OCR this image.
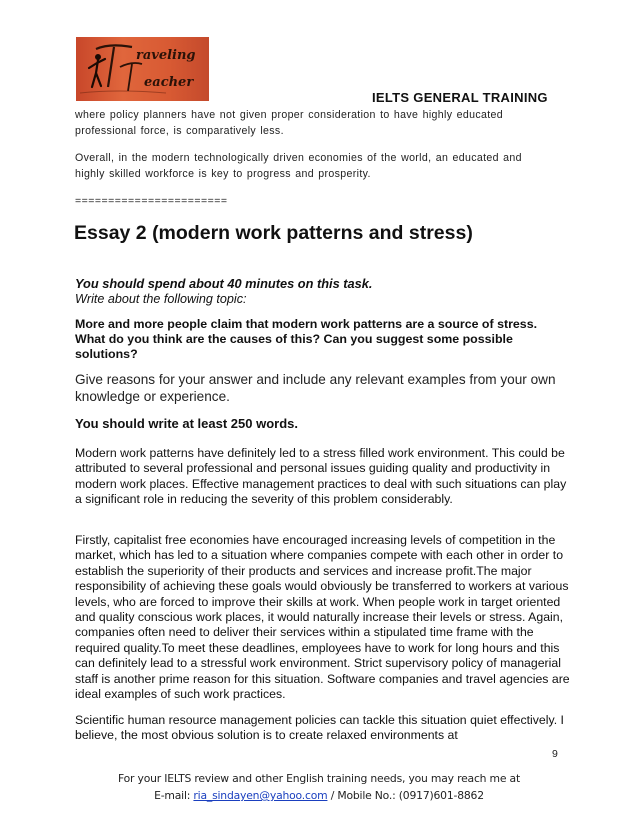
raveling
eacher
IELTS GENERAL TRAINING

where policy planners have not given proper consideration to have highly educated professional force, is comparatively less.

Overall, in the modern technologically driven economies of the world, an educated and highly skilled workforce is key to progress and prosperity.

=======================
Essay 2 (modern work patterns and stress)
You should spend about 40 minutes on this task.
Write about the following topic:

More and more people claim that modern work patterns are a source of stress. What do you think are the causes of this? Can you suggest some possible solutions?

Give reasons for your answer and include any relevant examples from your own knowledge or experience.

You should write at least 250 words.

Modern work patterns have definitely led to a stress filled work environment. This could be attributed to several professional and personal issues guiding quality and productivity in modern work places. Effective management practices to deal with such situations can play a significant role in reducing the severity of this problem considerably.

Firstly, capitalist free economies have encouraged increasing levels of competition in the market, which has led to a situation where companies compete with each other in order to establish the superiority of their products and services and increase profit.The major responsibility of achieving these goals would obviously be transferred to workers at various levels, who are forced to improve their skills at work. When people work in target oriented and quality conscious work places, it would naturally increase their levels or stress. Again, companies often need to deliver their services within a stipulated time frame with the required quality.To meet these deadlines, employees have to work for long hours and this can definitely lead to a stressful work environment. Strict supervisory policy of managerial staff is another prime reason for this situation. Software companies and travel agencies are ideal examples of such work practices.

Scientific human resource management policies can tackle this situation quiet effectively. I believe, the most obvious solution is to create relaxed environments at

9
For your IELTS review and other English training needs, you may reach me at
E-mail: ria_sindayen@yahoo.com / Mobile No.: (0917)601-8862
